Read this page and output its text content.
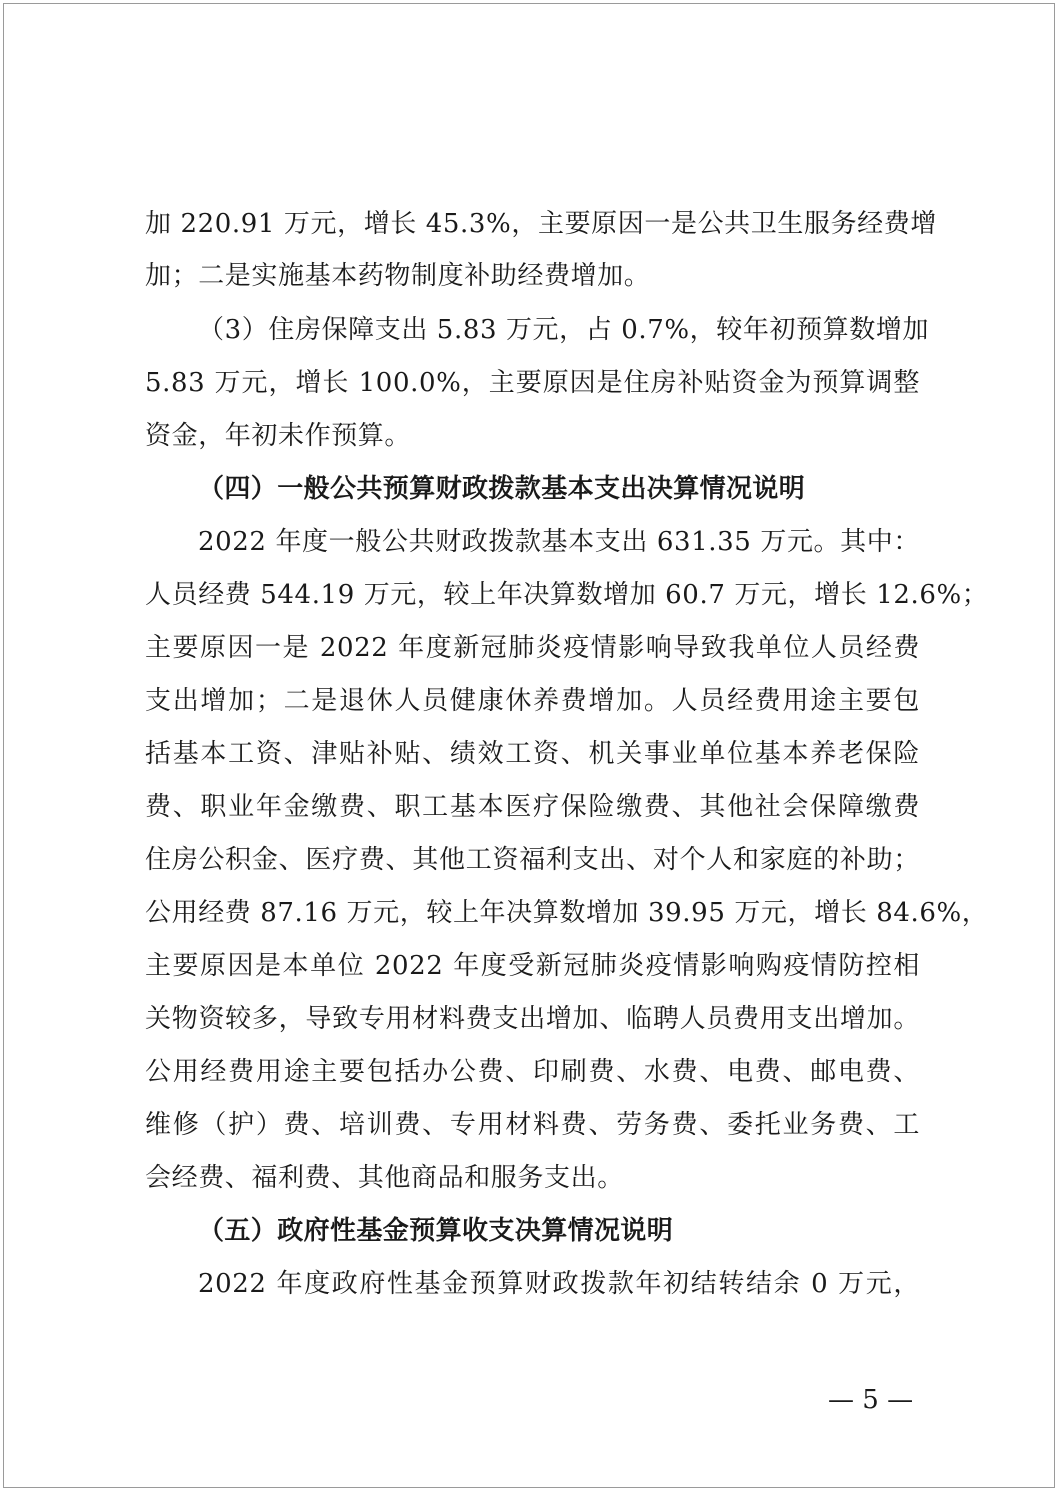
加 220.91 万元，增长 45.3%，主要原因一是公共卫生服务经费增
加；二是实施基本药物制度补助经费增加。
（3）住房保障支出 5.83 万元，占 0.7%，较年初预算数增加
5.83 万元，增长 100.0%，主要原因是住房补贴资金为预算调整
资金，年初未作预算。
（四）一般公共预算财政拨款基本支出决算情况说明
2022 年度一般公共财政拨款基本支出 631.35 万元。其中：
人员经费 544.19 万元，较上年决算数增加 60.7 万元，增长 12.6%；
主要原因一是 2022 年度新冠肺炎疫情影响导致我单位人员经费
支出增加；二是退休人员健康休养费增加。人员经费用途主要包
括基本工资、津贴补贴、绩效工资、机关事业单位基本养老保险
费、职业年金缴费、职工基本医疗保险缴费、其他社会保障缴费
住房公积金、医疗费、其他工资福利支出、对个人和家庭的补助；
公用经费 87.16 万元，较上年决算数增加 39.95 万元，增长 84.6%，
主要原因是本单位 2022 年度受新冠肺炎疫情影响购疫情防控相
关物资较多，导致专用材料费支出增加、临聘人员费用支出增加。
公用经费用途主要包括办公费、印刷费、水费、电费、邮电费、
维修（护）费、培训费、专用材料费、劳务费、委托业务费、工
会经费、福利费、其他商品和服务支出。
（五）政府性基金预算收支决算情况说明
2022 年度政府性基金预算财政拨款年初结转结余 0 万元，
— 5 —
